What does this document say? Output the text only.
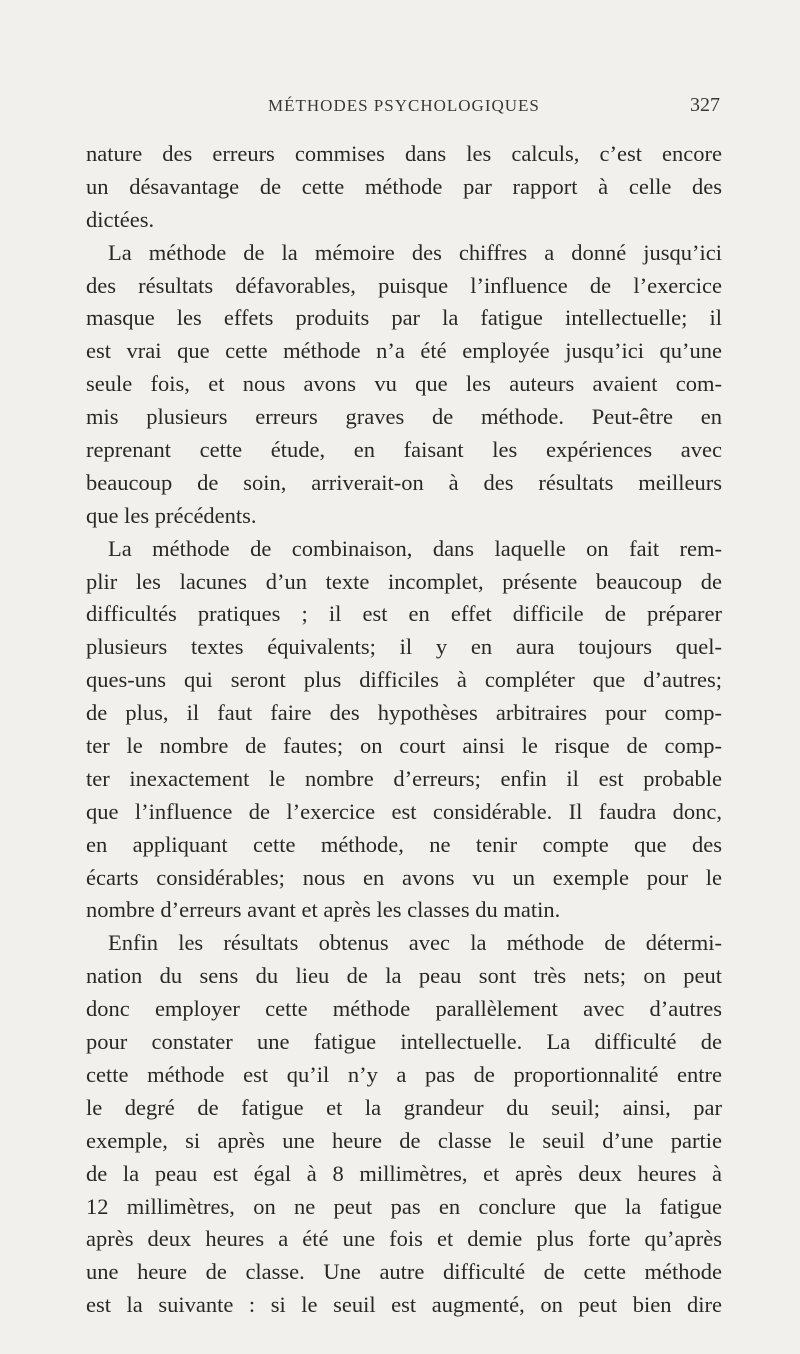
MÉTHODES PSYCHOLOGIQUES	327
nature des erreurs commises dans les calculs, c’est encore
un désavantage de cette méthode par rapport à celle des
dictées.
La méthode de la mémoire des chiffres a donné jusqu’ici
des résultats défavorables, puisque l’influence de l’exercice
masque les effets produits par la fatigue intellectuelle; il
est vrai que cette méthode n’a été employée jusqu’ici qu’une
seule fois, et nous avons vu que les auteurs avaient com-
mis plusieurs erreurs graves de méthode. Peut-être en
reprenant cette étude, en faisant les expériences avec
beaucoup de soin, arriverait-on à des résultats meilleurs
que les précédents.
La méthode de combinaison, dans laquelle on fait rem-
plir les lacunes d’un texte incomplet, présente beaucoup de
difficultés pratiques ; il est en effet difficile de préparer
plusieurs textes équivalents; il y en aura toujours quel-
ques-uns qui seront plus difficiles à compléter que d’autres;
de plus, il faut faire des hypothèses arbitraires pour comp-
ter le nombre de fautes; on court ainsi le risque de comp-
ter inexactement le nombre d’erreurs; enfin il est probable
que l’influence de l’exercice est considérable. Il faudra donc,
en appliquant cette méthode, ne tenir compte que des
écarts considérables; nous en avons vu un exemple pour le
nombre d’erreurs avant et après les classes du matin.
Enfin les résultats obtenus avec la méthode de détermi-
nation du sens du lieu de la peau sont très nets; on peut
donc employer cette méthode parallèlement avec d’autres
pour constater une fatigue intellectuelle. La difficulté de
cette méthode est qu’il n’y a pas de proportionnalité entre
le degré de fatigue et la grandeur du seuil; ainsi, par
exemple, si après une heure de classe le seuil d’une partie
de la peau est égal à 8 millimètres, et après deux heures à
12 millimètres, on ne peut pas en conclure que la fatigue
après deux heures a été une fois et demie plus forte qu’après
une heure de classe. Une autre difficulté de cette méthode
est la suivante : si le seuil est augmenté, on peut bien dire
